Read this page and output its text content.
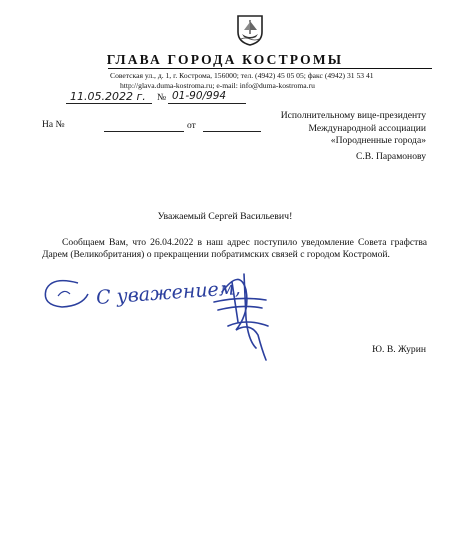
ГЛАВА ГОРОДА КОСТРОМЫ
Советская ул., д. 1, г. Кострома, 156000; тел. (4942) 45 05 05; факс (4942) 31 53 41
http://glava.duma-kostroma.ru; e-mail: info@duma-kostroma.ru
11.05.2022 г. № 01-90/994
На №	от
Исполнительному вице-президенту
Международной ассоциации
«Породненные города»
С.В. Парамонову
Уважаемый Сергей Васильевич!
Сообщаем Вам, что 26.04.2022 в наш адрес поступило уведомление Совета графства Дарем (Великобритания) о прекращении побратимских связей с городом Костромой.
С уважением,
Ю. В. Журин
